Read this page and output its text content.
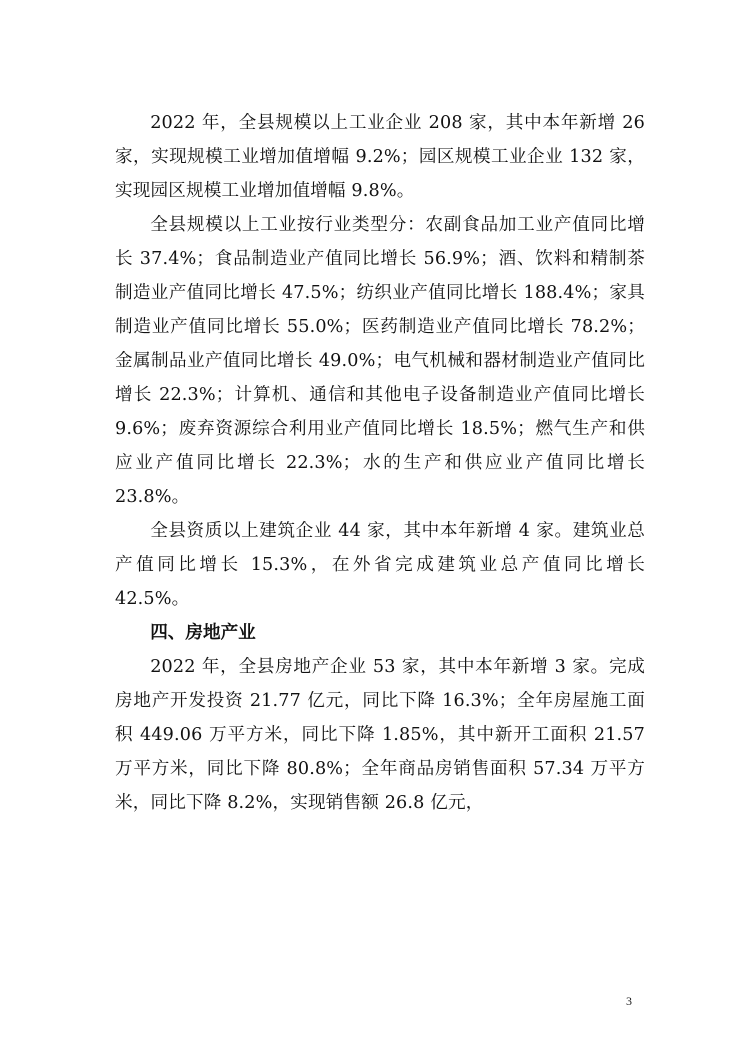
2022 年，全县规模以上工业企业 208 家，其中本年新增 26 家，实现规模工业增加值增幅 9.2%；园区规模工业企业 132 家，实现园区规模工业增加值增幅 9.8%。

全县规模以上工业按行业类型分：农副食品加工业产值同比增长 37.4%；食品制造业产值同比增长 56.9%；酒、饮料和精制茶制造业产值同比增长 47.5%；纺织业产值同比增长 188.4%；家具制造业产值同比增长 55.0%；医药制造业产值同比增长 78.2%；金属制品业产值同比增长 49.0%；电气机械和器材制造业产值同比增长 22.3%；计算机、通信和其他电子设备制造业产值同比增长 9.6%；废弃资源综合利用业产值同比增长 18.5%；燃气生产和供应业产值同比增长 22.3%；水的生产和供应业产值同比增长 23.8%。

全县资质以上建筑企业 44 家，其中本年新增 4 家。建筑业总产值同比增长 15.3%，在外省完成建筑业总产值同比增长 42.5%。

四、房地产业

2022 年，全县房地产企业 53 家，其中本年新增 3 家。完成房地产开发投资 21.77 亿元，同比下降 16.3%；全年房屋施工面积 449.06 万平方米，同比下降 1.85%，其中新开工面积 21.57 万平方米，同比下降 80.8%；全年商品房销售面积 57.34 万平方米，同比下降 8.2%，实现销售额 26.8 亿元，

3
